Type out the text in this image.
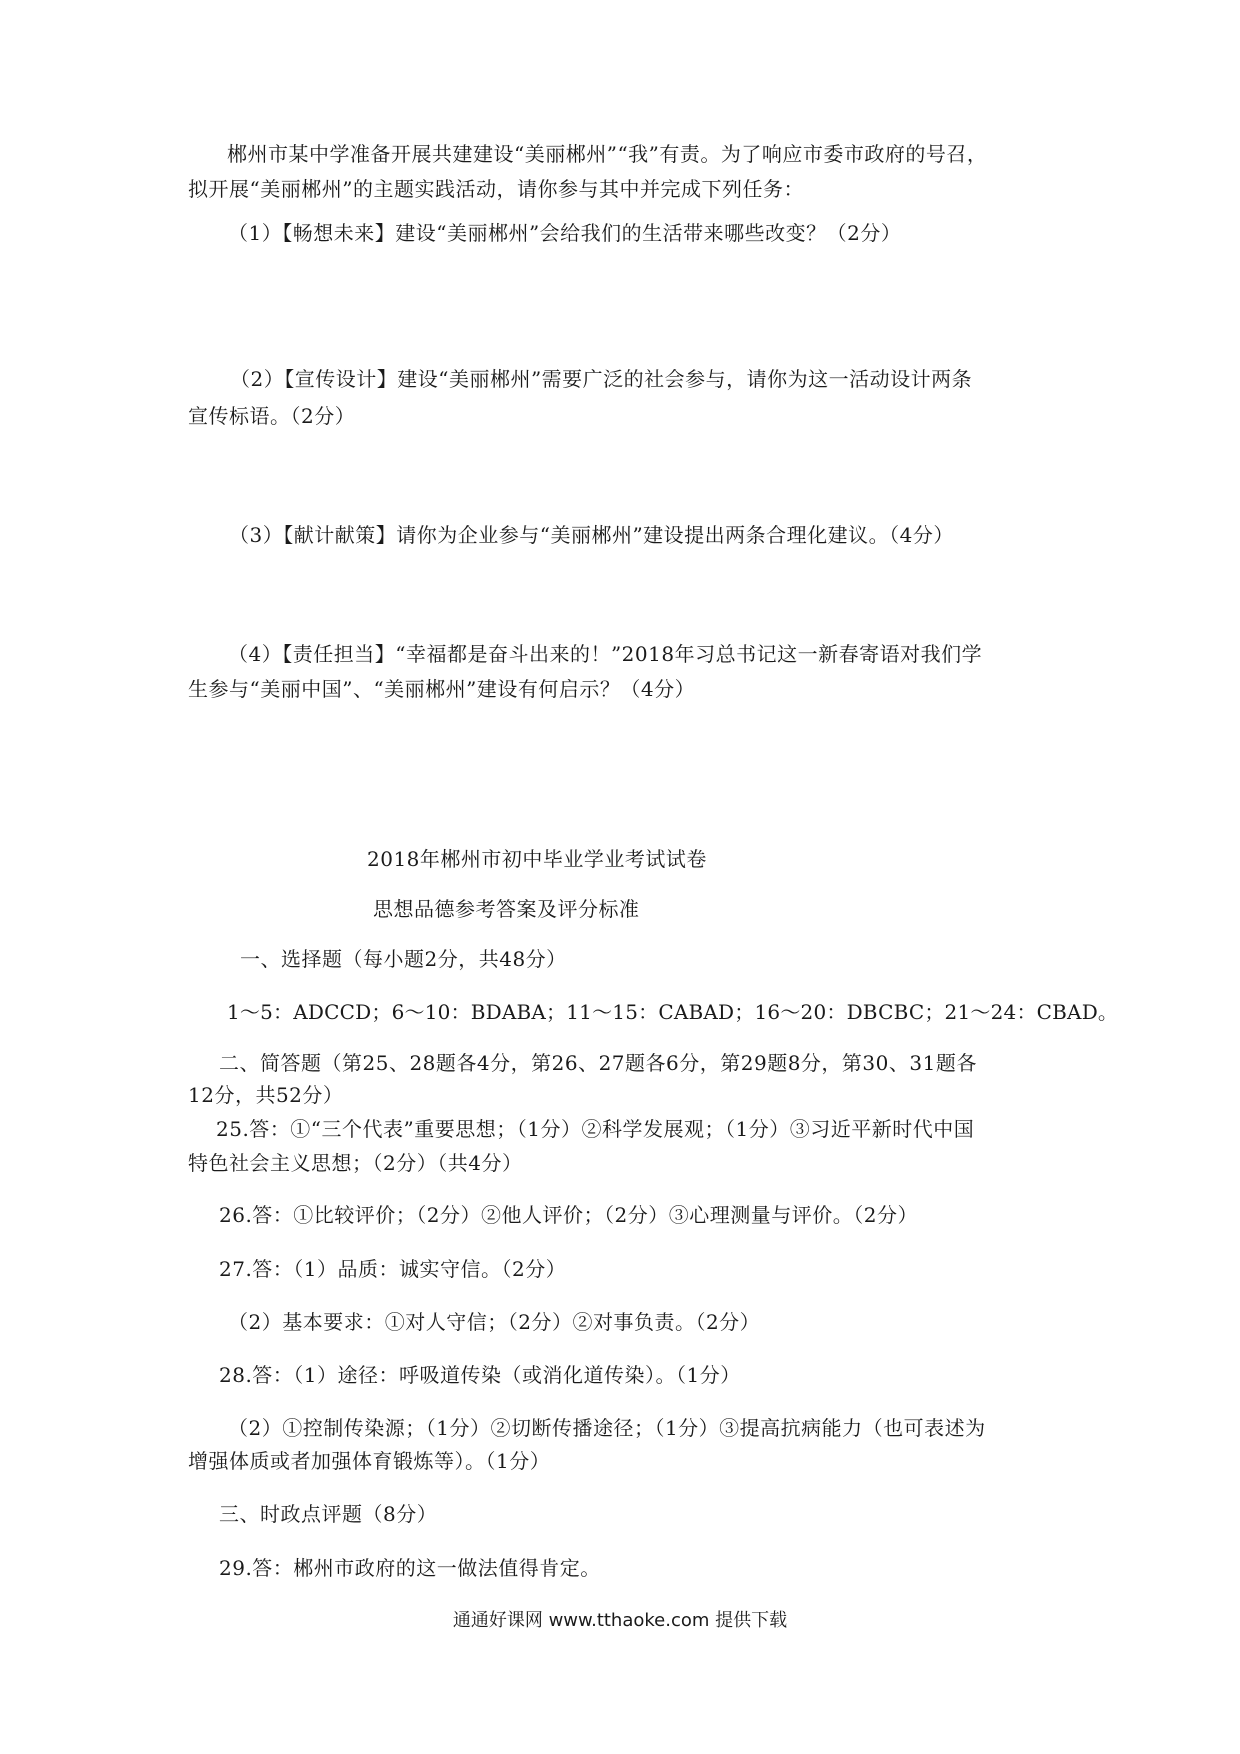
郴州市某中学准备开展共建建设“美丽郴州”“我”有责。为了响应市委市政府的号召，
拟开展“美丽郴州”的主题实践活动，请你参与其中并完成下列任务：
（1）【畅想未来】建设“美丽郴州”会给我们的生活带来哪些改变？（2分）
（2）【宣传设计】建设“美丽郴州”需要广泛的社会参与，请你为这一活动设计两条
宣传标语。（2分）
（3）【献计献策】请你为企业参与“美丽郴州”建设提出两条合理化建议。（4分）
（4）【责任担当】“幸福都是奋斗出来的！”2018年习总书记这一新春寄语对我们学
生参与“美丽中国”、“美丽郴州”建设有何启示？（4分）
2018年郴州市初中毕业学业考试试卷
思想品德参考答案及评分标准
一、选择题（每小题2分，共48分）
1～5：ADCCD；6～10：BDABA；11～15：CABAD；16～20：DBCBC；21～24：CBAD。
二、简答题（第25、28题各4分，第26、27题各6分，第29题8分，第30、31题各
12分，共52分）
25.答：①“三个代表”重要思想；（1分）②科学发展观；（1分）③习近平新时代中国
特色社会主义思想；（2分）（共4分）
26.答：①比较评价；（2分）②他人评价；（2分）③心理测量与评价。（2分）
27.答：（1）品质：诚实守信。（2分）
（2）基本要求：①对人守信；（2分）②对事负责。（2分）
28.答：（1）途径：呼吸道传染（或消化道传染）。（1分）
（2）①控制传染源；（1分）②切断传播途径；（1分）③提高抗病能力（也可表述为
增强体质或者加强体育锻炼等）。（1分）
三、时政点评题（8分）
29.答：郴州市政府的这一做法值得肯定。
通通好课网 www.tthaoke.com 提供下载
